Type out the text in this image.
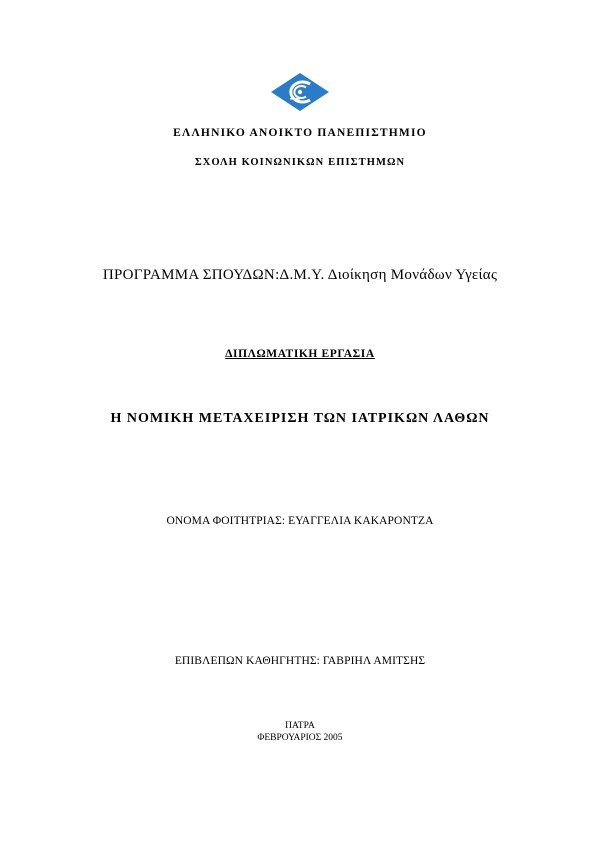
ΕΛΛΗΝΙΚΟ ΑΝΟΙΚΤΟ ΠΑΝΕΠΙΣΤΗΜΙΟ
ΣΧΟΛΗ ΚΟΙΝΩΝΙΚΩΝ ΕΠΙΣΤΗΜΩΝ
ΠΡΟΓΡΑΜΜΑ ΣΠΟΥΔΩΝ:Δ.Μ.Υ. Διοίκηση Μονάδων Υγείας
ΔΙΠΛΩΜΑΤΙΚΗ ΕΡΓΑΣΙΑ
Η ΝΟΜΙΚΗ ΜΕΤΑΧΕΙΡΙΣΗ ΤΩΝ ΙΑΤΡΙΚΩΝ ΛΑΘΩΝ
ΟΝΟΜΑ ΦΟΙΤΗΤΡΙΑΣ: ΕΥΑΓΓΕΛΙΑ ΚΑΚΑΡΟΝΤΖΑ
ΕΠΙΒΛΕΠΩΝ ΚΑΘΗΓΗΤΗΣ: ΓΑΒΡΙΗΛ ΑΜΙΤΣΗΣ
ΠΑΤΡΑ
ΦΕΒΡΟΥΑΡΙΟΣ 2005
